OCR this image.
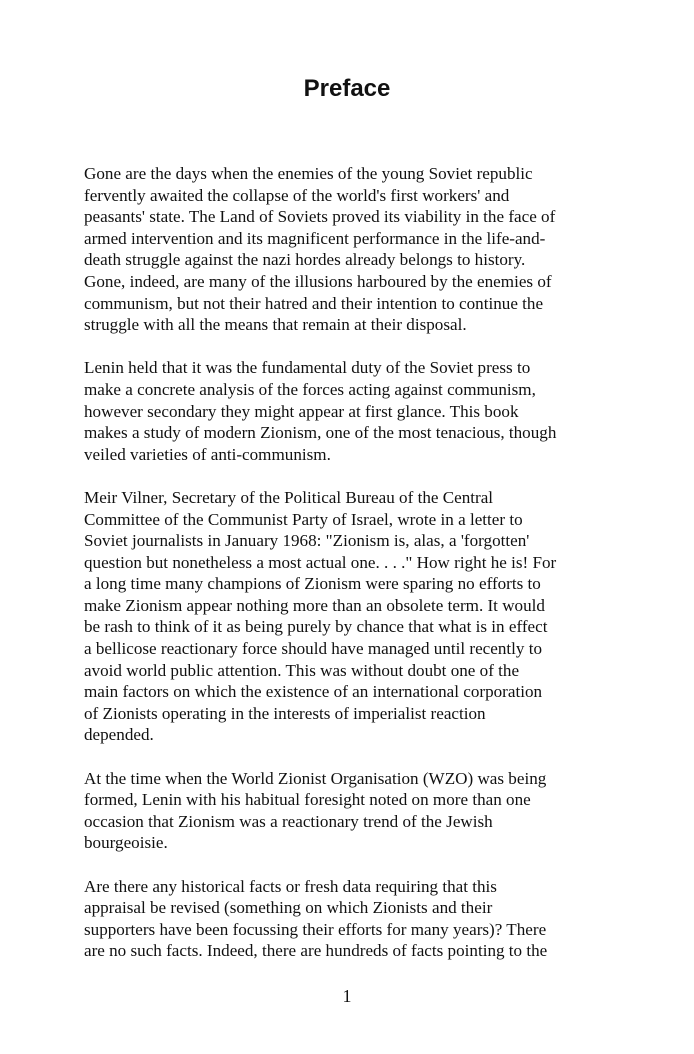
Preface

Gone are the days when the enemies of the young Soviet republic
fervently awaited the collapse of the world's first workers' and
peasants' state. The Land of Soviets proved its viability in the face of
armed intervention and its magnificent performance in the life-and-
death struggle against the nazi hordes already belongs to history.
Gone, indeed, are many of the illusions harboured by the enemies of
communism, but not their hatred and their intention to continue the
struggle with all the means that remain at their disposal.

Lenin held that it was the fundamental duty of the Soviet press to
make a concrete analysis of the forces acting against communism,
however secondary they might appear at first glance. This book
makes a study of modern Zionism, one of the most tenacious, though
veiled varieties of anti-communism.

Meir Vilner, Secretary of the Political Bureau of the Central
Committee of the Communist Party of Israel, wrote in a letter to
Soviet journalists in January 1968: "Zionism is, alas, a 'forgotten'
question but nonetheless a most actual one. . . ." How right he is! For
a long time many champions of Zionism were sparing no efforts to
make Zionism appear nothing more than an obsolete term. It would
be rash to think of it as being purely by chance that what is in effect
a bellicose reactionary force should have managed until recently to
avoid world public attention. This was without doubt one of the
main factors on which the existence of an international corporation
of Zionists operating in the interests of imperialist reaction
depended.

At the time when the World Zionist Organisation (WZO) was being
formed, Lenin with his habitual foresight noted on more than one
occasion that Zionism was a reactionary trend of the Jewish
bourgeoisie.

Are there any historical facts or fresh data requiring that this
appraisal be revised (something on which Zionists and their
supporters have been focussing their efforts for many years)? There
are no such facts. Indeed, there are hundreds of facts pointing to the

1
